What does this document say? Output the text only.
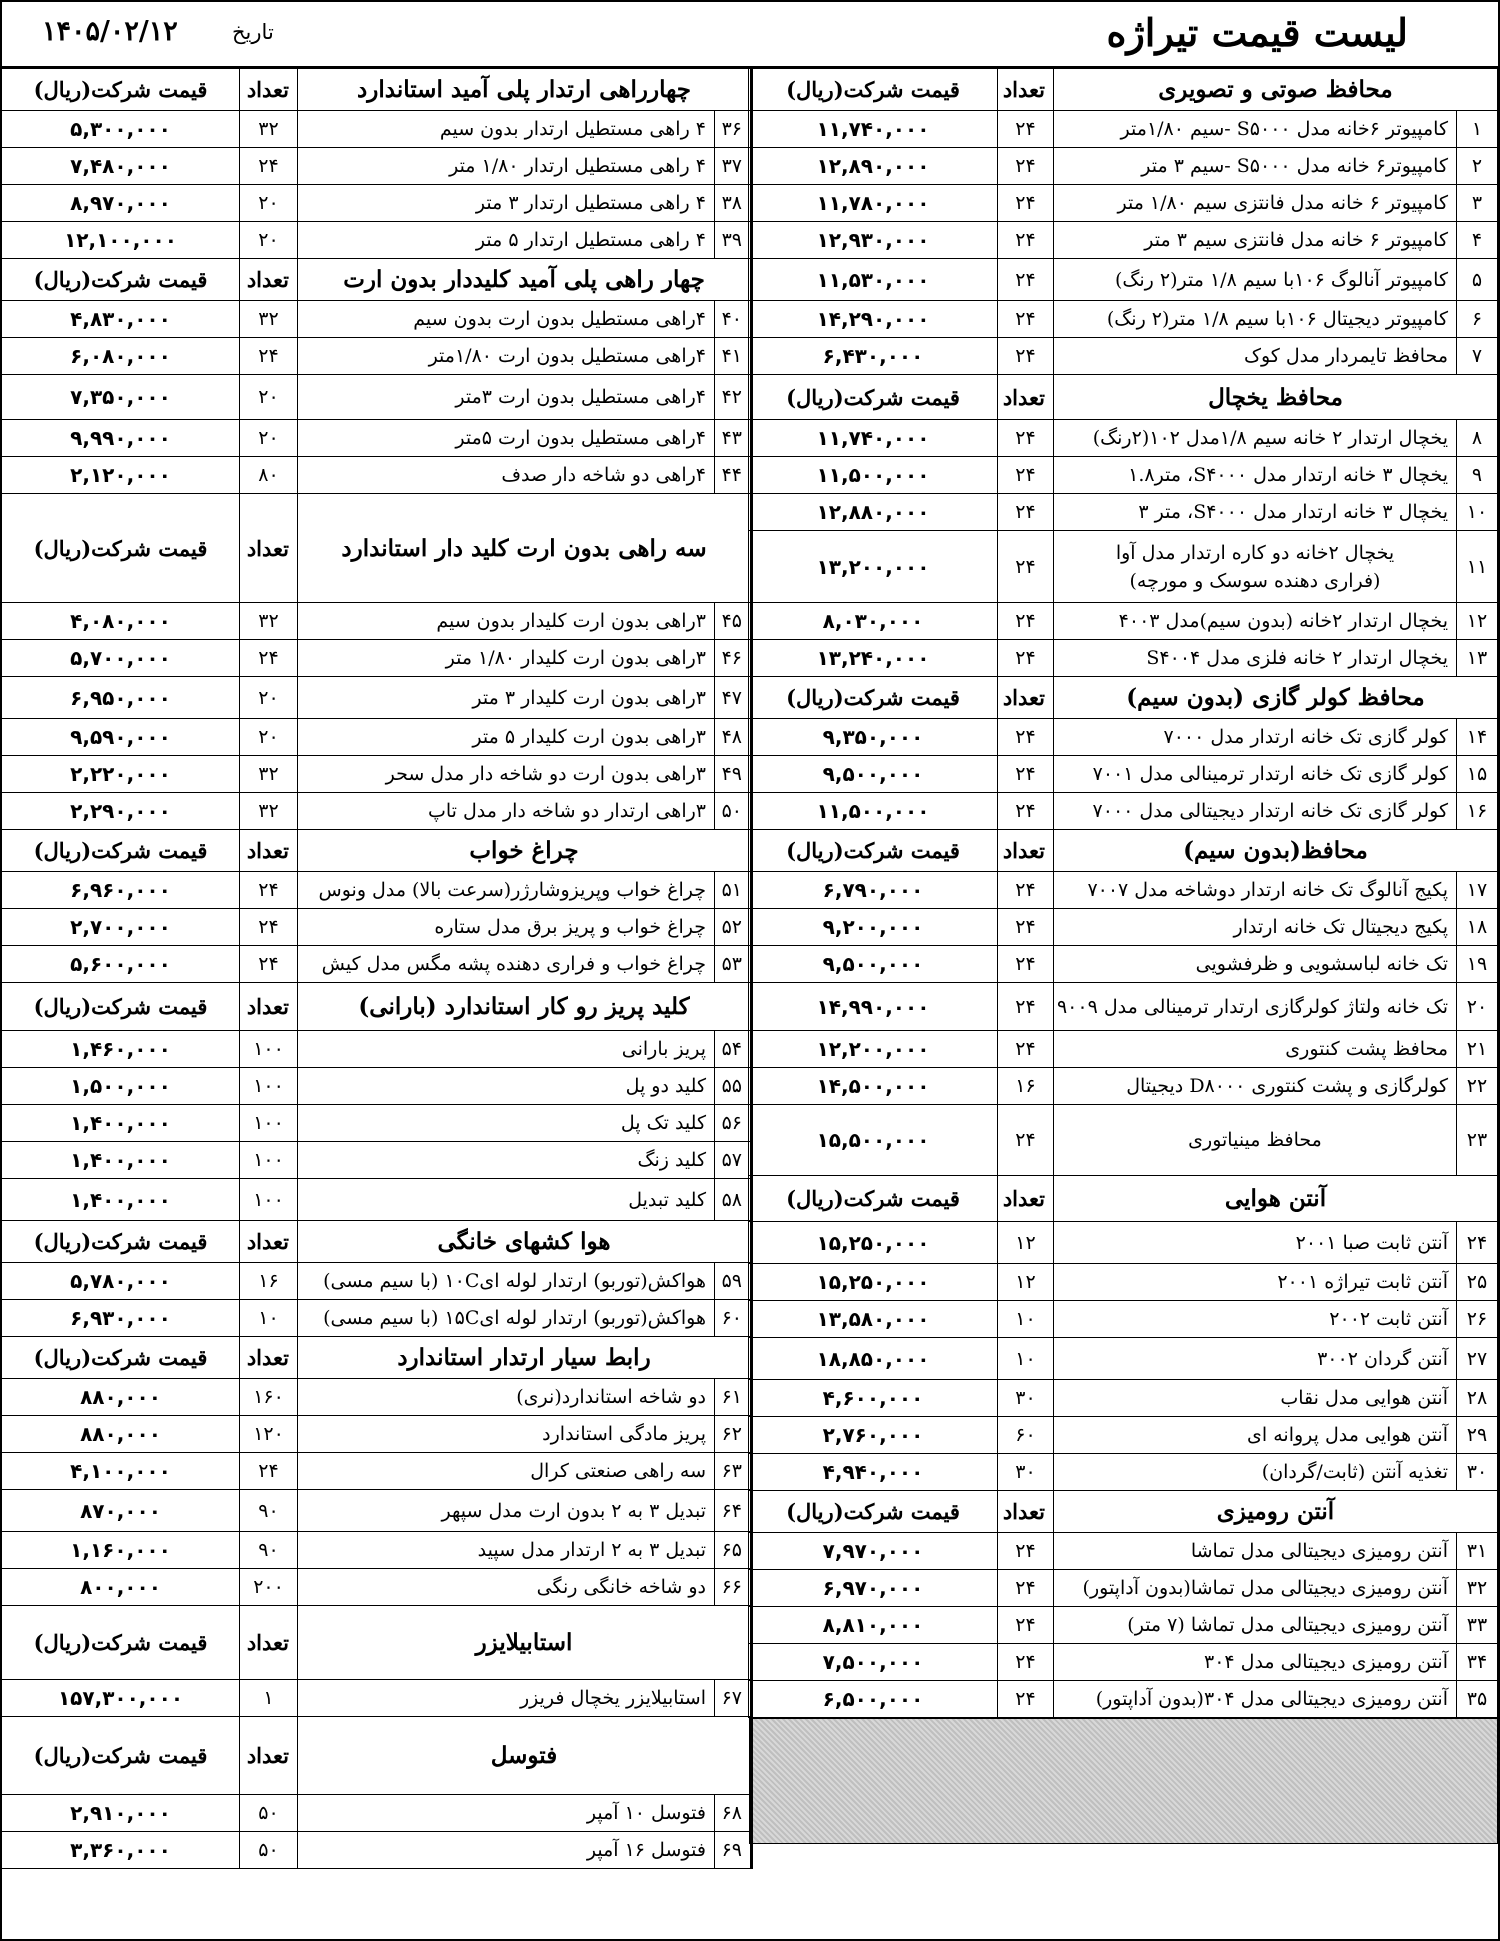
لیست قیمت تیراژه
تاریخ
۱۴۰۵/۰۲/۱۲
محافظ صوتی و تصویری		تعداد	قیمت شرکت(ریال)
۱	کامپیوتر ۶خانه مدل S۵۰۰۰ -سیم ۱/۸۰متر	۲۴	۱۱,۷۴۰,۰۰۰
۲	کامپیوتر۶ خانه مدل S۵۰۰۰ -سیم ۳ متر	۲۴	۱۲,۸۹۰,۰۰۰
۳	کامپیوتر ۶ خانه مدل فانتزی سیم ۱/۸۰ متر	۲۴	۱۱,۷۸۰,۰۰۰
۴	کامپیوتر ۶ خانه مدل فانتزی سیم ۳ متر	۲۴	۱۲,۹۳۰,۰۰۰
۵	کامپیوتر آنالوگ ۱۰۶با سیم ۱/۸ متر(۲ رنگ)	۲۴	۱۱,۵۳۰,۰۰۰
۶	کامپیوتر دیجیتال ۱۰۶با سیم ۱/۸ متر(۲ رنگ)	۲۴	۱۴,۲۹۰,۰۰۰
۷	محافظ تایمردار مدل کوک	۲۴	۶,۴۳۰,۰۰۰
محافظ یخچال		تعداد	قیمت شرکت(ریال)
۸	یخچال ارتدار ۲ خانه سیم ۱/۸مدل ۱۰۲(۲رنگ)	۲۴	۱۱,۷۴۰,۰۰۰
۹	یخچال ۳ خانه ارتدار مدل S۴۰۰۰، متر۱.۸	۲۴	۱۱,۵۰۰,۰۰۰
۱۰	یخچال ۳ خانه ارتدار مدل S۴۰۰۰، متر ۳	۲۴	۱۲,۸۸۰,۰۰۰
۱۱	یخچال ۲خانه دو کاره ارتدار مدل آوا
(فراری دهنده سوسک و مورچه)	۲۴	۱۳,۲۰۰,۰۰۰
۱۲	یخچال ارتدار ۲خانه (بدون سیم)مدل ۴۰۰۳	۲۴	۸,۰۳۰,۰۰۰
۱۳	یخچال ارتدار ۲ خانه فلزی مدل S۴۰۰۴	۲۴	۱۳,۲۴۰,۰۰۰
محافظ کولر گازی (بدون سیم)		تعداد	قیمت شرکت(ریال)
۱۴	کولر گازی تک خانه ارتدار مدل ۷۰۰۰	۲۴	۹,۳۵۰,۰۰۰
۱۵	کولر گازی تک خانه ارتدار ترمینالی مدل ۷۰۰۱	۲۴	۹,۵۰۰,۰۰۰
۱۶	کولر گازی تک خانه ارتدار دیجیتالی مدل ۷۰۰۰	۲۴	۱۱,۵۰۰,۰۰۰
محافظ(بدون سیم)		تعداد	قیمت شرکت(ریال)
۱۷	پکیج آنالوگ تک خانه ارتدار دوشاخه مدل ۷۰۰۷	۲۴	۶,۷۹۰,۰۰۰
۱۸	پکیج دیجیتال تک خانه ارتدار	۲۴	۹,۲۰۰,۰۰۰
۱۹	تک خانه لباسشویی و ظرفشویی	۲۴	۹,۵۰۰,۰۰۰
۲۰	تک خانه ولتاژ کولرگازی ارتدار ترمینالی مدل ۹۰۰۹	۲۴	۱۴,۹۹۰,۰۰۰
۲۱	محافظ پشت کنتوری	۲۴	۱۲,۲۰۰,۰۰۰
۲۲	کولرگازی و پشت کنتوری D۸۰۰۰ دیجیتال	۱۶	۱۴,۵۰۰,۰۰۰
۲۳	محافظ مینیاتوری	۲۴	۱۵,۵۰۰,۰۰۰
آنتن هوایی		تعداد	قیمت شرکت(ریال)
۲۴	آنتن ثابت صبا ۲۰۰۱	۱۲	۱۵,۲۵۰,۰۰۰
۲۵	آنتن ثابت تیراژه ۲۰۰۱	۱۲	۱۵,۲۵۰,۰۰۰
۲۶	آنتن ثابت ۲۰۰۲	۱۰	۱۳,۵۸۰,۰۰۰
۲۷	آنتن گردان ۳۰۰۲	۱۰	۱۸,۸۵۰,۰۰۰
۲۸	آنتن هوایی مدل نقاب	۳۰	۴,۶۰۰,۰۰۰
۲۹	آنتن هوایی مدل پروانه ای	۶۰	۲,۷۶۰,۰۰۰
۳۰	تغذیه آنتن (ثابت/گردان)	۳۰	۴,۹۴۰,۰۰۰
آنتن رومیزی		تعداد	قیمت شرکت(ریال)
۳۱	آنتن رومیزی دیجیتالی مدل تماشا	۲۴	۷,۹۷۰,۰۰۰
۳۲	آنتن رومیزی دیجیتالی مدل تماشا(بدون آداپتور)	۲۴	۶,۹۷۰,۰۰۰
۳۳	آنتن رومیزی دیجیتالی مدل تماشا (۷ متر)	۲۴	۸,۸۱۰,۰۰۰
۳۴	آنتن رومیزی دیجیتالی مدل ۳۰۴	۲۴	۷,۵۰۰,۰۰۰
۳۵	آنتن رومیزی دیجیتالی مدل ۳۰۴(بدون آداپتور)	۲۴	۶,۵۰۰,۰۰۰
چهارراهی ارتدار پلی آمید استاندارد		تعداد	قیمت شرکت(ریال)
۳۶	۴ راهی مستطیل ارتدار بدون سیم	۳۲	۵,۳۰۰,۰۰۰
۳۷	۴ راهی مستطیل ارتدار ۱/۸۰ متر	۲۴	۷,۴۸۰,۰۰۰
۳۸	۴ راهی مستطیل ارتدار ۳ متر	۲۰	۸,۹۷۰,۰۰۰
۳۹	۴ راهی مستطیل ارتدار ۵ متر	۲۰	۱۲,۱۰۰,۰۰۰
چهار راهی پلی آمید کلیددار بدون ارت		تعداد	قیمت شرکت(ریال)
۴۰	۴راهی مستطیل بدون ارت بدون سیم	۳۲	۴,۸۳۰,۰۰۰
۴۱	۴راهی مستطیل بدون ارت ۱/۸۰متر	۲۴	۶,۰۸۰,۰۰۰
۴۲	۴راهی مستطیل بدون ارت ۳متر	۲۰	۷,۳۵۰,۰۰۰
۴۳	۴راهی مستطیل بدون ارت ۵متر	۲۰	۹,۹۹۰,۰۰۰
۴۴	۴راهی دو شاخه دار صدف	۸۰	۲,۱۲۰,۰۰۰
سه راهی بدون ارت کلید دار استاندارد		تعداد	قیمت شرکت(ریال)
۴۵	۳راهی بدون ارت کلیدار بدون سیم	۳۲	۴,۰۸۰,۰۰۰
۴۶	۳راهی بدون ارت کلیدار ۱/۸۰ متر	۲۴	۵,۷۰۰,۰۰۰
۴۷	۳راهی بدون ارت کلیدار ۳ متر	۲۰	۶,۹۵۰,۰۰۰
۴۸	۳راهی بدون ارت کلیدار ۵ متر	۲۰	۹,۵۹۰,۰۰۰
۴۹	۳راهی بدون ارت دو شاخه دار مدل سحر	۳۲	۲,۲۲۰,۰۰۰
۵۰	۳راهی ارتدار دو شاخه دار مدل تاپ	۳۲	۲,۲۹۰,۰۰۰
چراغ خواب		تعداد	قیمت شرکت(ریال)
۵۱	چراغ خواب وپریزوشارژر(سرعت بالا) مدل ونوس	۲۴	۶,۹۶۰,۰۰۰
۵۲	چراغ خواب و پریز برق مدل ستاره	۲۴	۲,۷۰۰,۰۰۰
۵۳	چراغ خواب و فراری دهنده پشه مگس مدل کیش	۲۴	۵,۶۰۰,۰۰۰
کلید پریز رو کار استاندارد (بارانی)		تعداد	قیمت شرکت(ریال)
۵۴	پریز بارانی	۱۰۰	۱,۴۶۰,۰۰۰
۵۵	کلید دو پل	۱۰۰	۱,۵۰۰,۰۰۰
۵۶	کلید تک پل	۱۰۰	۱,۴۰۰,۰۰۰
۵۷	کلید زنگ	۱۰۰	۱,۴۰۰,۰۰۰
۵۸	کلید تبدیل	۱۰۰	۱,۴۰۰,۰۰۰
هوا کشهای خانگی		تعداد	قیمت شرکت(ریال)
۵۹	هواکش(توربو) ارتدار لوله ای۱۰C (با سیم مسی)	۱۶	۵,۷۸۰,۰۰۰
۶۰	هواکش(توربو) ارتدار لوله ای۱۵C (با سیم مسی)	۱۰	۶,۹۳۰,۰۰۰
رابط سیار ارتدار استاندارد		تعداد	قیمت شرکت(ریال)
۶۱	دو شاخه استاندارد(نری)	۱۶۰	۸۸۰,۰۰۰
۶۲	پریز مادگی استاندارد	۱۲۰	۸۸۰,۰۰۰
۶۳	سه راهی صنعتی کرال	۲۴	۴,۱۰۰,۰۰۰
۶۴	تبدیل ۳ به ۲ بدون ارت مدل سپهر	۹۰	۸۷۰,۰۰۰
۶۵	تبدیل ۳ به ۲ ارتدار مدل سپید	۹۰	۱,۱۶۰,۰۰۰
۶۶	دو شاخه خانگی رنگی	۲۰۰	۸۰۰,۰۰۰
استابیلایزر		تعداد	قیمت شرکت(ریال)
۶۷	استابیلایزر یخچال فریزر	۱	۱۵۷,۳۰۰,۰۰۰
فتوسل		تعداد	قیمت شرکت(ریال)
۶۸	فتوسل ۱۰ آمپر	۵۰	۲,۹۱۰,۰۰۰
۶۹	فتوسل ۱۶ آمپر	۵۰	۳,۳۶۰,۰۰۰
